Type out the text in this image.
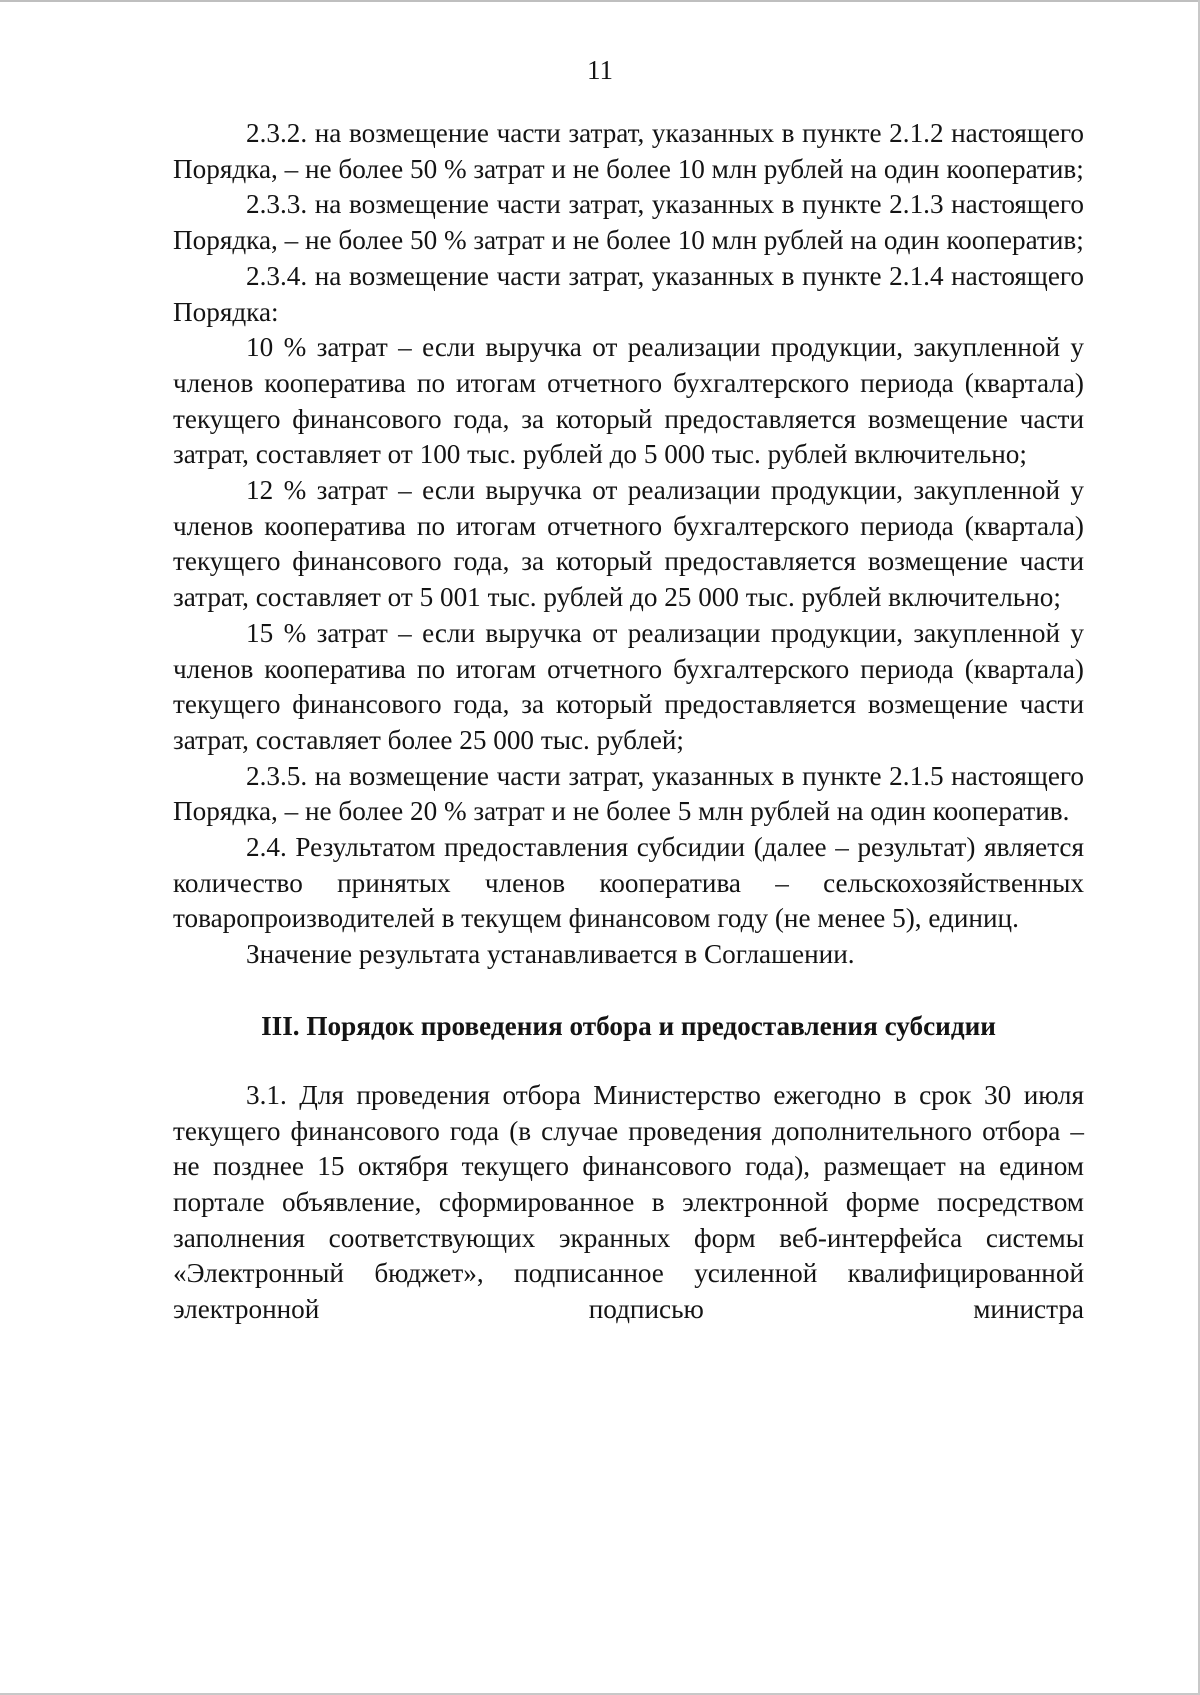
11

2.3.2. на возмещение части затрат, указанных в пункте 2.1.2 настоящего Порядка, – не более 50 % затрат и не более 10 млн рублей на один кооператив;

2.3.3. на возмещение части затрат, указанных в пункте 2.1.3 настоящего Порядка, – не более 50 % затрат и не более 10 млн рублей на один кооператив;

2.3.4. на возмещение части затрат, указанных в пункте 2.1.4 настоящего Порядка:

10 % затрат – если выручка от реализации продукции, закупленной у членов кооператива по итогам отчетного бухгалтерского периода (квартала) текущего финансового года, за который предоставляется возмещение части затрат, составляет от 100 тыс. рублей до 5 000 тыс. рублей включительно;

12 % затрат – если выручка от реализации продукции, закупленной у членов кооператива по итогам отчетного бухгалтерского периода (квартала) текущего финансового года, за который предоставляется возмещение части затрат, составляет от 5 001 тыс. рублей до 25 000 тыс. рублей включительно;

15 % затрат – если выручка от реализации продукции, закупленной у членов кооператива по итогам отчетного бухгалтерского периода (квартала) текущего финансового года, за который предоставляется возмещение части затрат, составляет более 25 000 тыс. рублей;

2.3.5. на возмещение части затрат, указанных в пункте 2.1.5 настоящего Порядка, – не более 20 % затрат и не более 5 млн рублей на один кооператив.

2.4. Результатом предоставления субсидии (далее – результат) является количество принятых членов кооператива – сельскохозяйственных товаропроизводителей в текущем финансовом году (не менее 5), единиц.

Значение результата устанавливается в Соглашении.

III. Порядок проведения отбора и предоставления субсидии

3.1. Для проведения отбора Министерство ежегодно в срок 30 июля текущего финансового года (в случае проведения дополнительного отбора – не позднее 15 октября текущего финансового года), размещает на едином портале объявление, сформированное в электронной форме посредством заполнения соответствующих экранных форм веб-интерфейса системы «Электронный бюджет», подписанное усиленной квалифицированной электронной подписью министра
